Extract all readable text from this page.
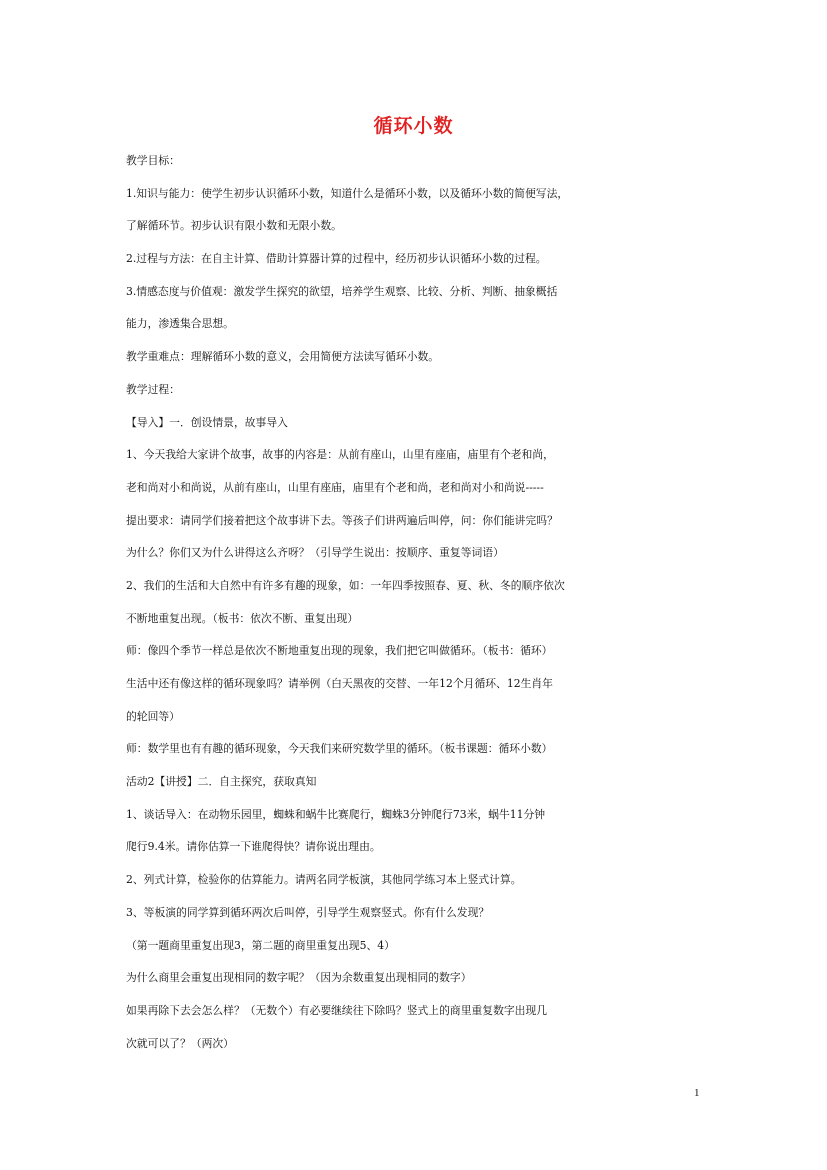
循环小数
教学目标：
1.知识与能力：使学生初步认识循环小数，知道什么是循环小数，以及循环小数的简便写法，
了解循环节。初步认识有限小数和无限小数。
2.过程与方法：在自主计算、借助计算器计算的过程中，经历初步认识循环小数的过程。
3.情感态度与价值观：激发学生探究的欲望，培养学生观察、比较、分析、判断、抽象概括
能力，渗透集合思想。
教学重难点：理解循环小数的意义，会用简便方法读写循环小数。
教学过程：
【导入】一．创设情景，故事导入
1、今天我给大家讲个故事，故事的内容是：从前有座山，山里有座庙，庙里有个老和尚，
老和尚对小和尚说，从前有座山，山里有座庙，庙里有个老和尚，老和尚对小和尚说-----
提出要求：请同学们接着把这个故事讲下去。等孩子们讲两遍后叫停，问：你们能讲完吗？
为什么？你们又为什么讲得这么齐呀？（引导学生说出：按顺序、重复等词语）
2、我们的生活和大自然中有许多有趣的现象，如：一年四季按照春、夏、秋、冬的顺序依次
不断地重复出现。（板书：依次不断、重复出现）
师：像四个季节一样总是依次不断地重复出现的现象，我们把它叫做循环。（板书：循环）
生活中还有像这样的循环现象吗？请举例（白天黑夜的交替、一年12个月循环、12生肖年
的轮回等）
师：数学里也有有趣的循环现象，今天我们来研究数学里的循环。（板书课题：循环小数）
活动2【讲授】二．自主探究，获取真知
1、谈话导入：在动物乐园里，蜘蛛和蜗牛比赛爬行，蜘蛛3分钟爬行73米，蜗牛11分钟
爬行9.4米。请你估算一下谁爬得快？请你说出理由。
2、列式计算，检验你的估算能力。请两名同学板演，其他同学练习本上竖式计算。
3、等板演的同学算到循环两次后叫停，引导学生观察竖式。你有什么发现？
（第一题商里重复出现3，第二题的商里重复出现5、4）
为什么商里会重复出现相同的数字呢？（因为余数重复出现相同的数字）
如果再除下去会怎么样？（无数个）有必要继续往下除吗？竖式上的商里重复数字出现几
次就可以了？（两次）
1
